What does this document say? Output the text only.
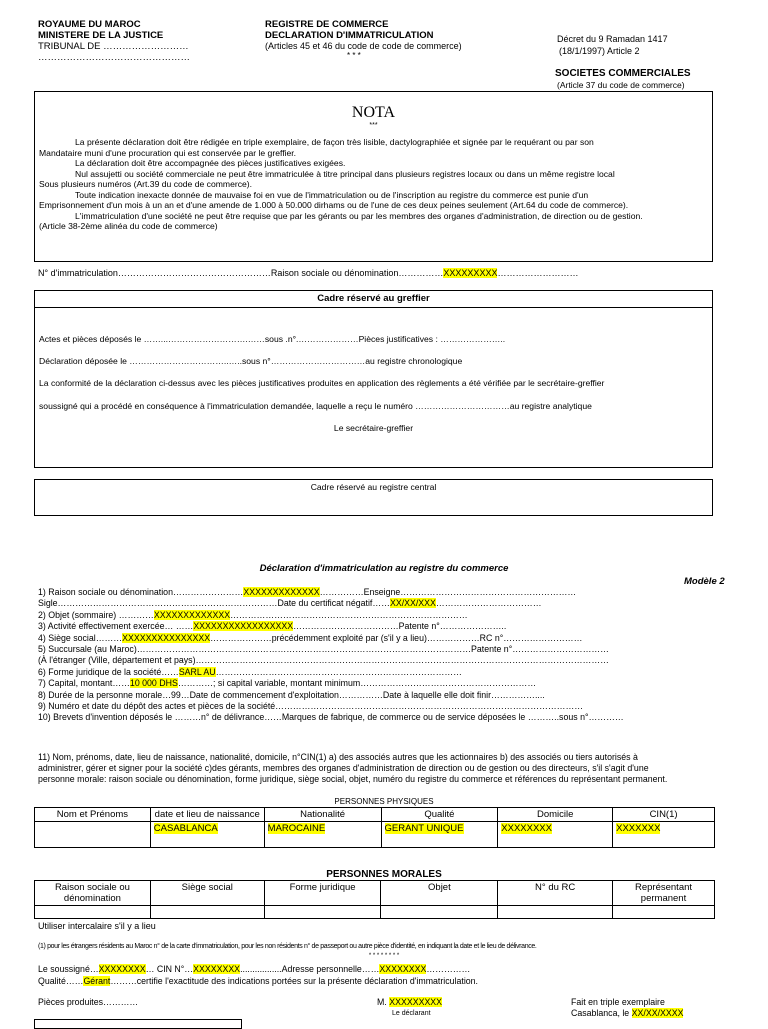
ROYAUME DU MAROC
MINISTERE DE LA JUSTICE
TRIBUNAL DE ………………………
…………………………………………
REGISTRE DE COMMERCE
DECLARATION D'IMMATRICULATION
(Articles 45 et 46 du code de code de commerce)
* * *
Décret du 9 Ramadan 1417
(18/1/1997) Article 2
SOCIETES COMMERCIALES
(Article 37 du code de commerce)
NOTA
***
La présente déclaration doit être rédigée en triple exemplaire, de façon très lisible, dactylographiée et signée par le requérant ou par son
Mandataire muni d'une procuration qui est conservée par le greffier.
La déclaration doit être accompagnée des pièces justificatives exigées.
Nul assujetti ou société commerciale ne peut être immatriculée à titre principal dans plusieurs registres locaux ou dans un même registre local
Sous plusieurs numéros (Art.39 du code de commerce).
Toute indication inexacte donnée de mauvaise foi en vue de l'immatriculation ou de l'inscription au registre du commerce est punie d'un
Emprisonnement d'un mois à un an et d'une amende de 1.000 à 50.000 dirhams ou de l'une de ces deux peines seulement (Art.64 du code de commerce).
L'immatriculation d'une société ne peut être requise que par les gérants ou par les membres des organes d'administration, de direction ou de gestion.
(Article 38-2ème alinéa du code de commerce)
N° d'immatriculation……………………………………………Raison sociale ou dénomination……………XXXXXXXXX………………………
Cadre réservé au greffier
Actes et pièces déposés le ……...……………………….……sous .n°.…………………Pièces justificatives : …………………..
Déclaration déposée le ……………………………..…..sous n°……………………………au registre chronologique
La conformité de la déclaration ci-dessus avec les pièces justificatives produites en application des règlements a été vérifiée par le secrétaire-greffier
soussigné qui a procédé en conséquence à l'immatriculation demandée, laquelle a reçu le numéro ……………………………au registre analytique
Le secrétaire-greffier
Cadre réservé au registre central
Déclaration d'immatriculation au registre du commerce
Modèle 2
1) Raison sociale ou dénomination……………………XXXXXXXXXXXXX……………Enseigne……………………………………………………
Sigle…………………………………………………………………Date du certificat négatif……XX/XX/XXX………………………………
2) Objet (sommaire) …………XXXXXXXXXXXXX………………………………………………………………………
3) Activité effectivement exercée… ……XXXXXXXXXXXXXXXXX………………………………Patente n°…………………..
4) Siège social………XXXXXXXXXXXXXXX…………………précédemment exploité par (s'il y a lieu)………………RC n°………………………
5) Succursale (au Maroc)……………………………………………………………………………………………………Patente n°……………………………
(À l'étranger (Ville, département et pays)……………………………………………………………………………………………………………………………
6) Forme juridique de la société……SARL AU…………………………………………………………………………
7) Capital, montant……10 000 DHS…………; si capital variable, montant minimum……………………………………………………
8) Durée de la personne morale…99…Date de commencement d'exploitation……………Date à laquelle elle doit finir……………....
9) Numéro et date du dépôt des actes et pièces de la société……………………………………………………………………………………………
10) Brevets d'invention déposés le ………n° de délivrance……Marques de fabrique, de commerce ou de service déposées le ………..sous n°…………
11) Nom, prénoms, date, lieu de naissance, nationalité, domicile, n°CIN(1) a) des associés autres que les actionnaires b) des associés ou tiers autorisés à
administrer, gérer et signer pour la société c)des gérants, membres des organes d'administration de direction ou de gestion ou des directeurs, s'il s'agit d'une
personne morale: raison sociale ou dénomination, forme juridique, siège social, objet, numéro du registre du commerce et références du représentant permanent.
PERSONNES PHYSIQUES
Nom et Prénoms	date et lieu de naissance	Nationalité	Qualité	Domicile	CIN(1)
	CASABLANCA	MAROCAINE	GERANT UNIQUE	XXXXXXXX	XXXXXXX
PERSONNES MORALES
Raison sociale ou dénomination	Siège social	Forme juridique	Objet	N° du RC	Représentant permanent

Utiliser intercalaire s'il y a lieu
(1) pour les étrangers résidents au Maroc n° de la carte d'immatriculation, pour les non résidents n° de passeport ou autre pièce d'identité, en indiquant la date et le lieu de délivrance.
* * * * * * * *
Le soussigné…XXXXXXXX… CIN N°…XXXXXXXX.................Adresse personnelle……XXXXXXXX……………
Qualité……Gérant………certifie l'exactitude des indications portées sur la présente déclaration d'immatriculation.
Pièces produites…………	M. XXXXXXXXX
Le déclarant
Fait en triple exemplaire
Casablanca, le XX/XX/XXXX
